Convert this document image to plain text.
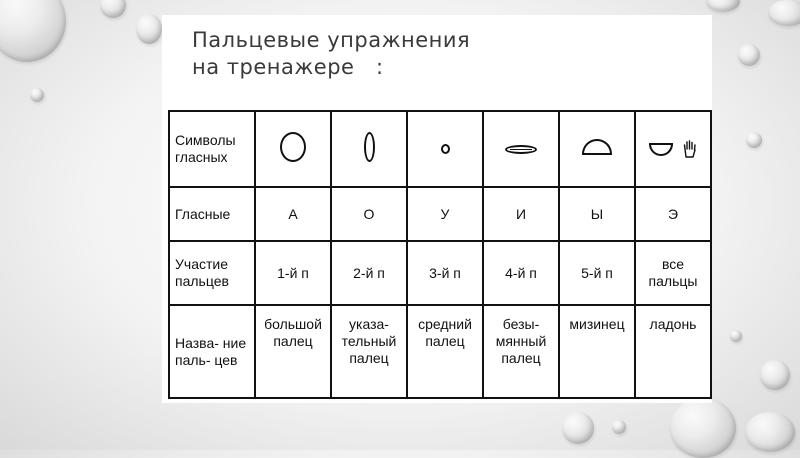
Пальцевые упражнения
на тренажере   :
Символы гласных						
Гласные	А	О	У	И	Ы	Э
Участие пальцев	1-й п	2-й п	3-й п	4-й п	5-й п	все пальцы
Назва- ние паль- цев	большой палец	указа- тельный палец	средний палец	безы- мянный палец	мизинец	ладонь
